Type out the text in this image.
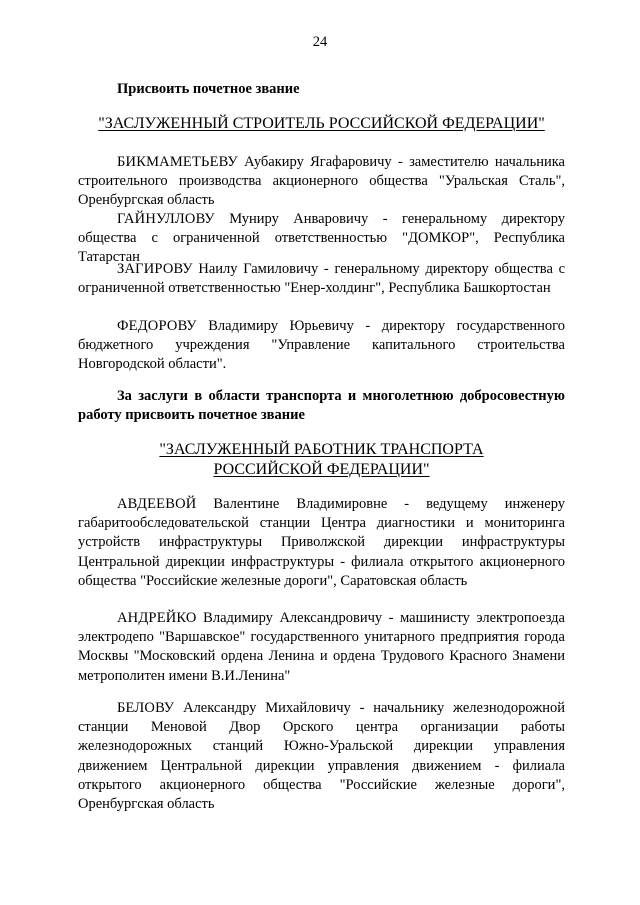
24

Присвоить почетное звание

"ЗАСЛУЖЕННЫЙ СТРОИТЕЛЬ РОССИЙСКОЙ ФЕДЕРАЦИИ"

БИКМАМЕТЬЕВУ Аубакиру Ягафаровичу - заместителю начальника строительного производства акционерного общества "Уральская Сталь", Оренбургская область

ГАЙНУЛЛОВУ Муниру Анваровичу - генеральному директору общества с ограниченной ответственностью "ДОМКОР", Республика Татарстан

ЗАГИРОВУ Наилу Гамиловичу - генеральному директору общества с ограниченной ответственностью "Енер-холдинг", Республика Башкортостан

ФЕДОРОВУ Владимиру Юрьевичу - директору государственного бюджетного учреждения "Управление капитального строительства Новгородской области".

За заслуги в области транспорта и многолетнюю добросовестную работу присвоить почетное звание

"ЗАСЛУЖЕННЫЙ РАБОТНИК ТРАНСПОРТА
РОССИЙСКОЙ ФЕДЕРАЦИИ"

АВДЕЕВОЙ Валентине Владимировне - ведущему инженеру габаритообследовательской станции Центра диагностики и мониторинга устройств инфраструктуры Приволжской дирекции инфраструктуры Центральной дирекции инфраструктуры - филиала открытого акционерного общества "Российские железные дороги", Саратовская область

АНДРЕЙКО Владимиру Александровичу - машинисту электропоезда электродепо "Варшавское" государственного унитарного предприятия города Москвы "Московский ордена Ленина и ордена Трудового Красного Знамени метрополитен имени В.И.Ленина"

БЕЛОВУ Александру Михайловичу - начальнику железнодорожной станции Меновой Двор Орского центра организации работы железнодорожных станций Южно-Уральской дирекции управления движением Центральной дирекции управления движением - филиала открытого акционерного общества "Российские железные дороги", Оренбургская область
